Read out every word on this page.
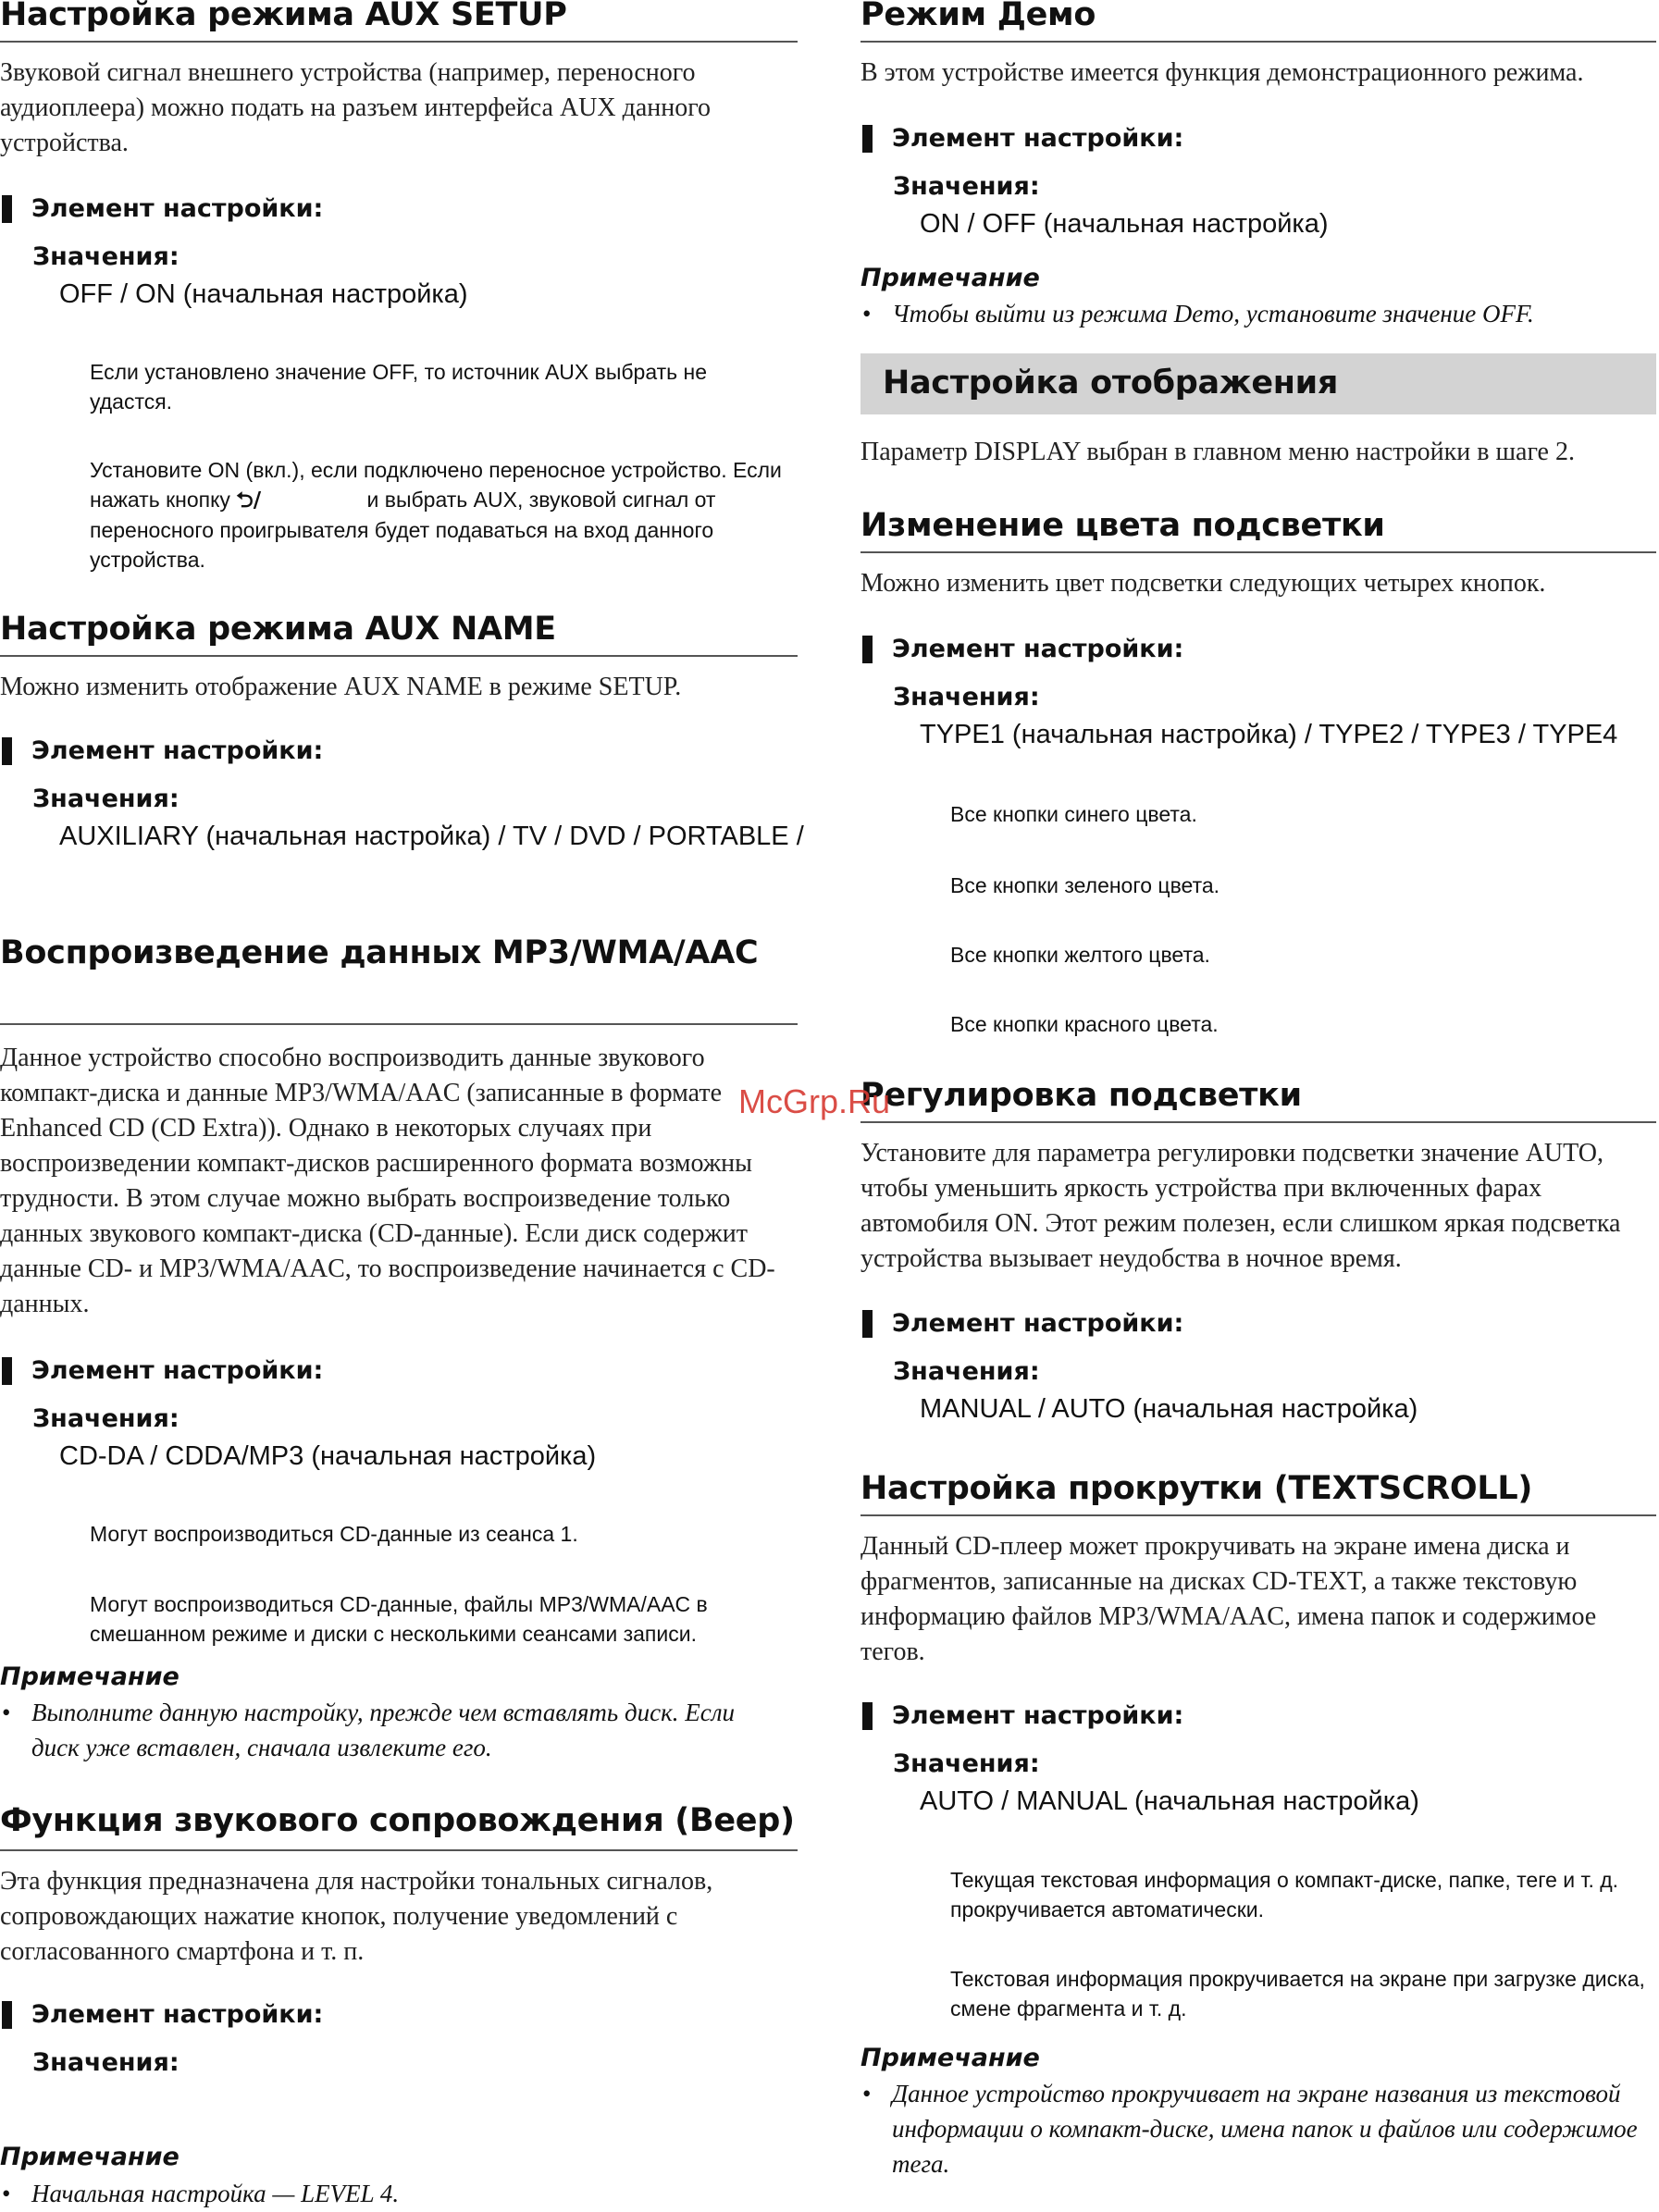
Настройка режима AUX SETUP
Звуковой сигнал внешнего устройства (например, переносного аудиоплеера) можно подать на разъем интерфейса AUX данного устройства.
Элемент настройки:
Значения:
OFF / ON (начальная настройка)
Если установлено значение OFF, то источник AUX выбрать не удастся.
Установите ON (вкл.), если подключено переносное устройство. Если нажать кнопку ⮌/	и выбрать AUX, звуковой сигнал от переносного проигрывателя будет подаваться на вход данного устройства.
Настройка режима AUX NAME
Можно изменить отображение AUX NAME в режиме SETUP.
Элемент настройки:
Значения:
AUXILIARY (начальная настройка) / TV / DVD / PORTABLE /
Воспроизведение данных MP3/WMA/AAC
Данное устройство способно воспроизводить данные звукового компакт-диска и данные MP3/WMA/AAC (записанные в формате Enhanced CD (CD Extra)). Однако в некоторых случаях при воспроизведении компакт-дисков расширенного формата возможны трудности. В этом случае можно выбрать воспроизведение только данных звукового компакт-диска (CD-данные). Если диск содержит данные CD- и MP3/WMA/AAC, то воспроизведение начинается с CD-данных.
Элемент настройки:
Значения:
CD-DA / CDDA/MP3 (начальная настройка)
Могут воспроизводиться CD-данные из сеанса 1.
Могут воспроизводиться CD-данные, файлы MP3/WMA/AAC в смешанном режиме и диски с несколькими сеансами записи.
Примечание
• Выполните данную настройку, прежде чем вставлять диск. Если диск уже вставлен, сначала извлеките его.
Функция звукового сопровождения (Beep)
Эта функция предназначена для настройки тональных сигналов, сопровождающих нажатие кнопок, получение уведомлений с согласованного смартфона и т. п.
Элемент настройки:
Значения:
Примечание
• Начальная настройка — LEVEL 4.
Режим Демо
В этом устройстве имеется функция демонстрационного режима.
Элемент настройки:
Значения:
ON / OFF (начальная настройка)
Примечание
• Чтобы выйти из режима Demo, установите значение OFF.
Настройка отображения
Параметр DISPLAY выбран в главном меню настройки в шаге 2.
Изменение цвета подсветки
Можно изменить цвет подсветки следующих четырех кнопок.
Элемент настройки:
Значения:
TYPE1 (начальная настройка) / TYPE2 / TYPE3 / TYPE4
Все кнопки синего цвета.
Все кнопки зеленого цвета.
Все кнопки желтого цвета.
Все кнопки красного цвета.
Регулировка подсветки
Установите для параметра регулировки подсветки значение AUTO, чтобы уменьшить яркость устройства при включенных фарах автомобиля ON. Этот режим полезен, если слишком яркая подсветка устройства вызывает неудобства в ночное время.
Элемент настройки:
Значения:
MANUAL / AUTO (начальная настройка)
Настройка прокрутки (TEXTSCROLL)
Данный CD-плеер может прокручивать на экране имена диска и фрагментов, записанные на дисках CD-TEXT, а также текстовую информацию файлов MP3/WMA/AAC, имена папок и содержимое тегов.
Элемент настройки:
Значения:
AUTO / MANUAL (начальная настройка)
Текущая текстовая информация о компакт-диске, папке, теге и т. д. прокручивается автоматически.
Текстовая информация прокручивается на экране при загрузке диска, смене фрагмента и т. д.
Примечание
• Данное устройство прокручивает на экране названия из текстовой информации о компакт-диске, имена папок и файлов или содержимое тега.
McGrp.Ru
